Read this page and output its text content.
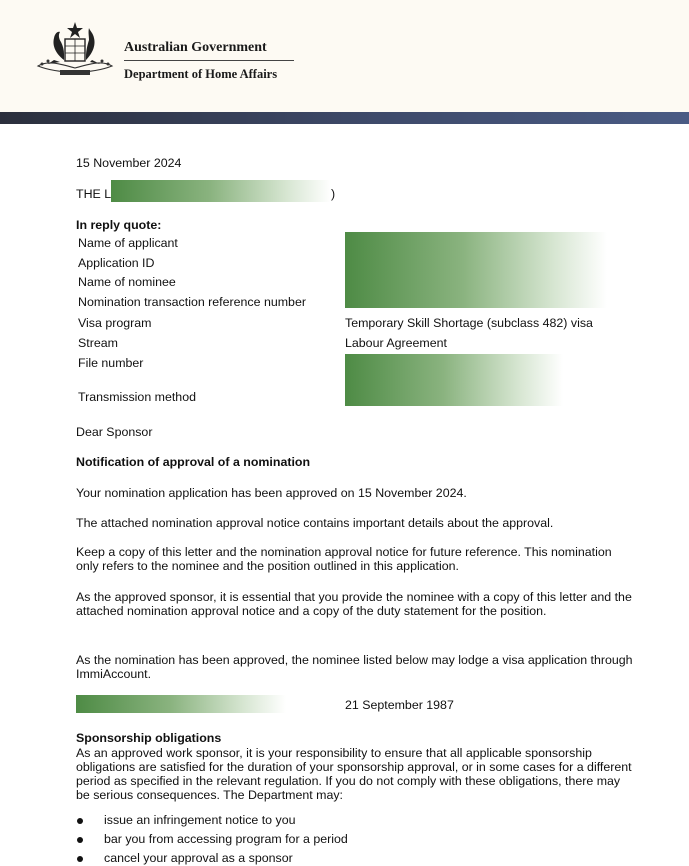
Australian Government
Department of Home Affairs
15 November 2024
THE L	)
In reply quote:
Name of applicant
Application ID
Name of nominee
Nomination transaction reference number
Visa program
Stream
File number
Transmission method
Temporary Skill Shortage (subclass 482) visa
Labour Agreement
Dear Sponsor
Notification of approval of a nomination
Your nomination application has been approved on 15 November 2024.
The attached nomination approval notice contains important details about the approval.
Keep a copy of this letter and the nomination approval notice for future reference. This nomination only refers to the nominee and the position outlined in this application.
As the approved sponsor, it is essential that you provide the nominee with a copy of this letter and the attached nomination approval notice and a copy of the duty statement for the position.
As the nomination has been approved, the nominee listed below may lodge a visa application through ImmiAccount.
21 September 1987
Sponsorship obligations
As an approved work sponsor, it is your responsibility to ensure that all applicable sponsorship obligations are satisfied for the duration of your sponsorship approval, or in some cases for a different period as specified in the relevant regulation. If you do not comply with these obligations, there may be serious consequences. The Department may:
issue an infringement notice to you
bar you from accessing program for a period
cancel your approval as a sponsor
